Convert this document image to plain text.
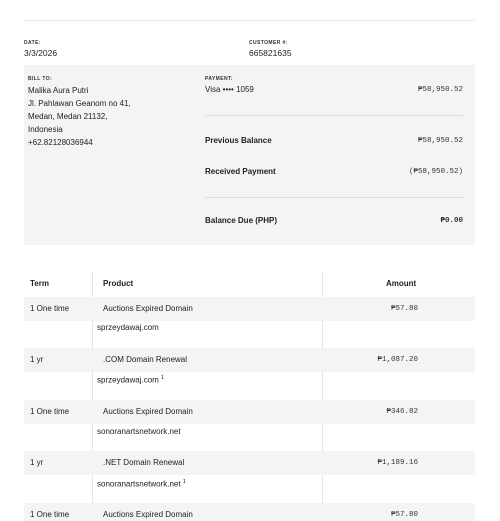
DATE:
3/3/2026
CUSTOMER #:
665821635
BILL TO:
Malika Aura Putri
Jl. Pahlawan Geanom no 41,
Medan, Medan 21132,
Indonesia
+62.82128036944
PAYMENT:
Visa •••• 1059	₱58,950.52
Previous Balance	₱58,950.52
Received Payment	(₱58,950.52)
Balance Due (PHP)	₱0.00
Term	Product	Amount
1 One time	Auctions Expired Domain	₱57.80
sprzeydawaj.com
1 yr	.COM Domain Renewal	₱1,087.20
sprzeydawaj.com $^1$
1 One time	Auctions Expired Domain	₱346.82
sonoranartsnetwork.net
1 yr	.NET Domain Renewal	₱1,189.16
sonoranartsnetwork.net $^1$
1 One time	Auctions Expired Domain	₱57.80
